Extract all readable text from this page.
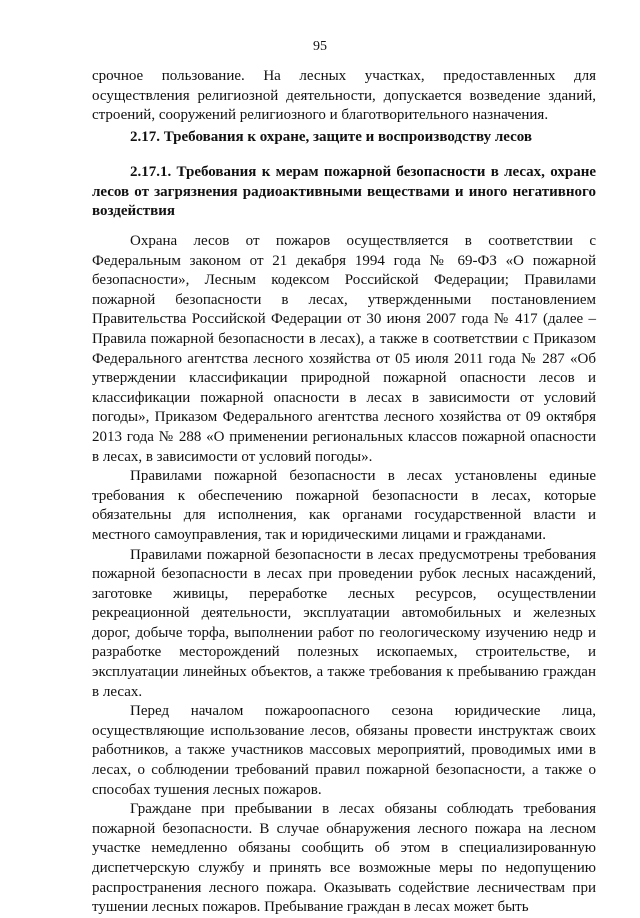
95

срочное пользование. На лесных участках, предоставленных для осуществления религиозной деятельности, допускается возведение зданий, строений, сооружений религиозного и благотворительного назначения.

2.17. Требования к охране, защите и воспроизводству лесов
2.17.1. Требования к мерам пожарной безопасности в лесах, охране лесов от загрязнения радиоактивными веществами и иного негативного воздействия

Охрана лесов от пожаров осуществляется в соответствии с Федеральным законом от 21 декабря 1994 года № 69-ФЗ «О пожарной безопасности», Лесным кодексом Российской Федерации; Правилами пожарной безопасности в лесах, утвержденными постановлением Правительства Российской Федерации от 30 июня 2007 года № 417 (далее – Правила пожарной безопасности в лесах), а также в соответствии с Приказом Федерального агентства лесного хозяйства от 05 июля 2011 года № 287 «Об утверждении классификации природной пожарной опасности лесов и классификации пожарной опасности в лесах в зависимости от условий погоды», Приказом Федерального агентства лесного хозяйства от 09 октября 2013 года № 288 «О применении региональных классов пожарной опасности в лесах, в зависимости от условий погоды».

Правилами пожарной безопасности в лесах установлены единые требования к обеспечению пожарной безопасности в лесах, которые обязательны для исполнения, как органами государственной власти и местного самоуправления, так и юридическими лицами и гражданами.

Правилами пожарной безопасности в лесах предусмотрены требования пожарной безопасности в лесах при проведении рубок лесных насаждений, заготовке живицы, переработке лесных ресурсов, осуществлении рекреационной деятельности, эксплуатации автомобильных и железных дорог, добыче торфа, выполнении работ по геологическому изучению недр и разработке месторождений полезных ископаемых, строительстве, и эксплуатации линейных объектов, а также требования к пребыванию граждан в лесах.

Перед началом пожароопасного сезона юридические лица, осуществляющие использование лесов, обязаны провести инструктаж своих работников, а также участников массовых мероприятий, проводимых ими в лесах, о соблюдении требований правил пожарной безопасности, а также о способах тушения лесных пожаров.

Граждане при пребывании в лесах обязаны соблюдать требования пожарной безопасности. В случае обнаружения лесного пожара на лесном участке немедленно обязаны сообщить об этом в специализированную диспетчерскую службу и принять все возможные меры по недопущению распространения лесного пожара. Оказывать содействие лесничествам при тушении лесных пожаров. Пребывание граждан в лесах может быть
